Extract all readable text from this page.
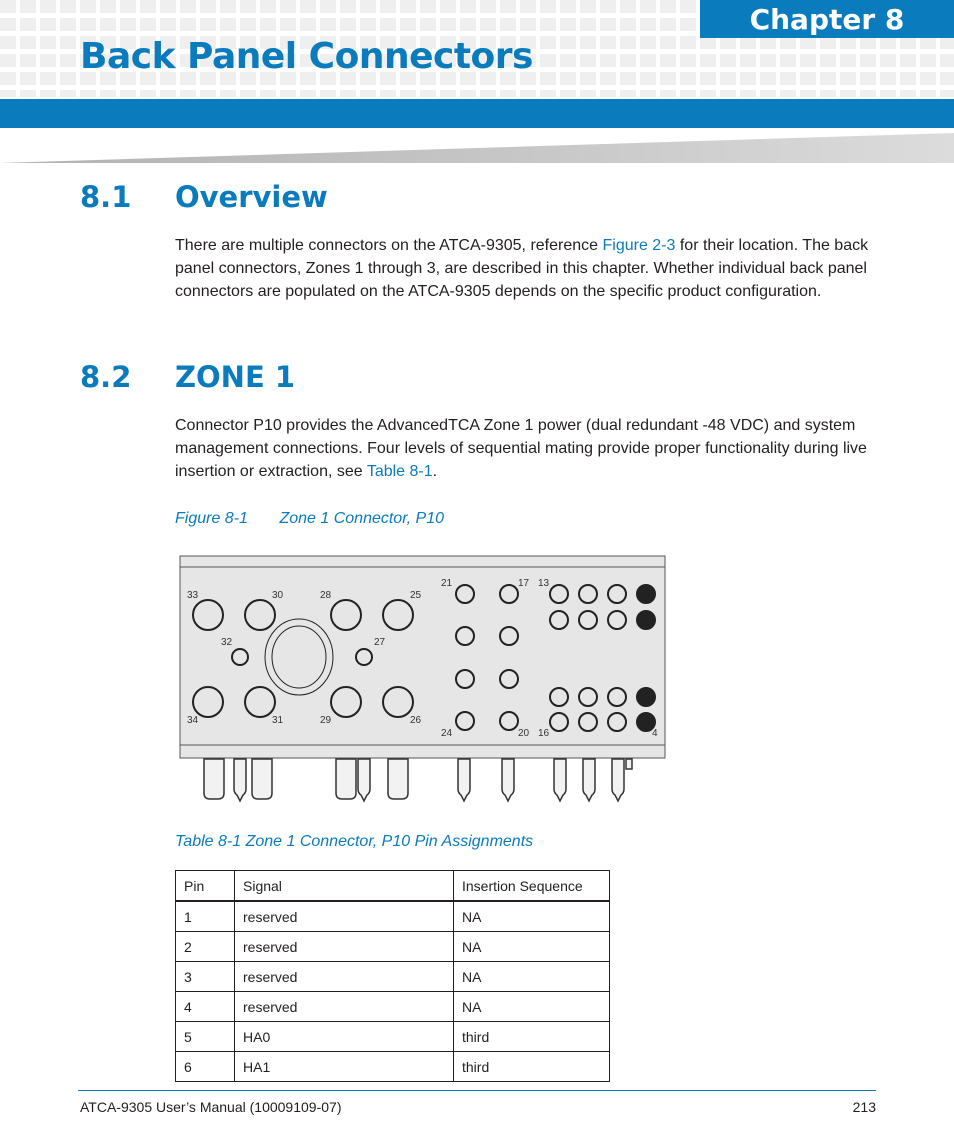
Chapter 8
Back Panel Connectors
8.1	Overview

There are multiple connectors on the ATCA-9305, reference Figure 2-3 for their location. The back panel connectors, Zones 1 through 3, are described in this chapter. Whether individual back panel connectors are populated on the ATCA-9305 depends on the specific product configuration.

8.2	ZONE 1

Connector P10 provides the AdvancedTCA Zone 1 power (dual redundant -48 VDC) and system management connections. Four levels of sequential mating provide proper functionality during live insertion or extraction, see Table 8-1.

Figure 8-1 Zone 1 Connector, P10

33	30	28	25
32	27
34	31	29	26
21	17 13
24	20 16	4

Table 8-1 Zone 1 Connector, P10 Pin Assignments

Pin	Signal	Insertion Sequence
1	reserved	NA
2	reserved	NA
3	reserved	NA
4	reserved	NA
5	HA0	third
6	HA1	third
ATCA-9305 User’s Manual (10009109-07)	213
